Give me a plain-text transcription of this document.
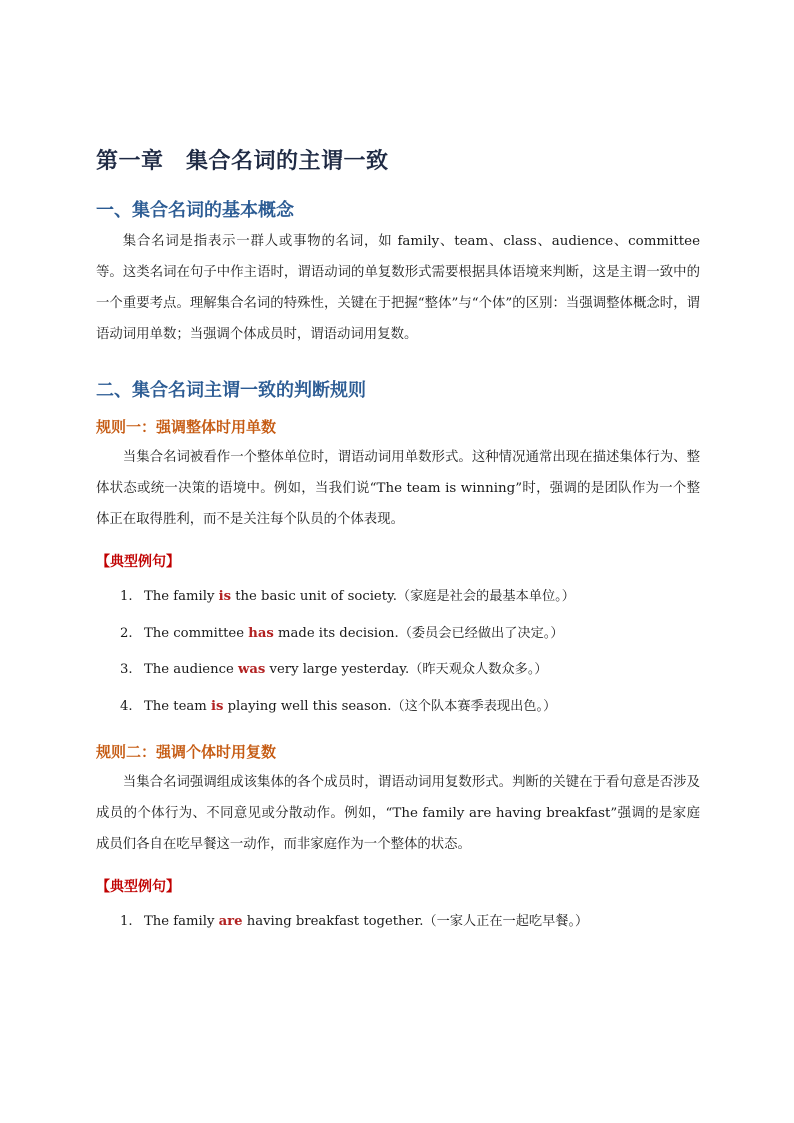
第一章　集合名词的主谓一致
一、集合名词的基本概念

集合名词是指表示一群人或事物的名词，如 family、team、class、audience、committee 等。这类名词在句子中作主语时，谓语动词的单复数形式需要根据具体语境来判断，这是主谓一致中的一个重要考点。理解集合名词的特殊性，关键在于把握“整体”与“个体”的区别：当强调整体概念时，谓语动词用单数；当强调个体成员时，谓语动词用复数。

二、集合名词主谓一致的判断规则
规则一：强调整体时用单数

当集合名词被看作一个整体单位时，谓语动词用单数形式。这种情况通常出现在描述集体行为、整体状态或统一决策的语境中。例如，当我们说“The team is winning”时，强调的是团队作为一个整体正在取得胜利，而不是关注每个队员的个体表现。

【典型例句】
1. The family is the basic unit of society.（家庭是社会的最基本单位。）
2. The committee has made its decision.（委员会已经做出了决定。）
3. The audience was very large yesterday.（昨天观众人数众多。）
4. The team is playing well this season.（这个队本赛季表现出色。）
规则二：强调个体时用复数

当集合名词强调组成该集体的各个成员时，谓语动词用复数形式。判断的关键在于看句意是否涉及成员的个体行为、不同意见或分散动作。例如，“The family are having breakfast”强调的是家庭成员们各自在吃早餐这一动作，而非家庭作为一个整体的状态。

【典型例句】
1. The family are having breakfast together.（一家人正在一起吃早餐。）
